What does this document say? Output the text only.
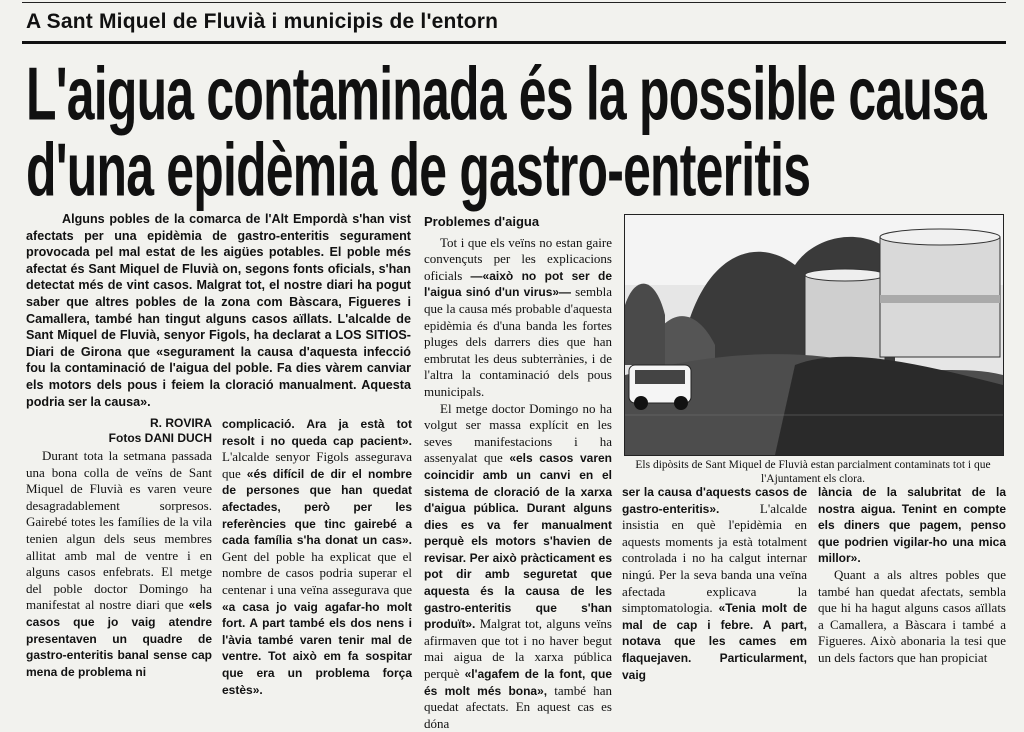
A Sant Miquel de Fluvià i municipis de l'entorn
L'aigua contaminada és la possible causa
d'una epidèmia de gastro-enteritis
Alguns pobles de la comarca de l'Alt Empordà s'han vist afectats per una epidèmia de gastro-enteritis segurament provocada pel mal estat de les aigües potables. El poble més afectat és Sant Miquel de Fluvià on, segons fonts oficials, s'han detectat més de vint casos. Malgrat tot, el nostre diari ha pogut saber que altres pobles de la zona com Bàscara, Figueres i Camallera, també han tingut alguns casos aïllats. L'alcalde de Sant Miquel de Fluvià, senyor Figols, ha declarat a LOS SITIOS-Diari de Girona que «segurament la causa d'aquesta infecció fou la contaminació de l'aigua del poble. Fa dies vàrem canviar els motors dels pous i feiem la cloració manualment. Aquesta podria ser la causa».
R. ROVIRA
Fotos DANI DUCH

Durant tota la setmana passada una bona colla de veïns de Sant Miquel de Fluvià es varen veure desagradablement sorpresos. Gairebé totes les famílies de la vila tenien algun dels seus membres allitat amb mal de ventre i en alguns casos enfebrats. El metge del poble doctor Domingo ha manifestat al nostre diari que «els casos que jo vaig atendre presentaven un quadre de gastro-enteritis banal sense cap mena de problema ni

complicació. Ara ja està tot resolt i no queda cap pacient». L'alcalde senyor Figols assegurava que «és difícil de dir el nombre de persones que han quedat afectades, però per les referències que tinc gairebé a cada família s'ha donat un cas». Gent del poble ha explicat que el nombre de casos podria superar el centenar i una veïna assegurava que «a casa jo vaig agafar-ho molt fort. A part també els dos nens i l'àvia també varen tenir mal de ventre. Tot això em fa sospitar que era un problema força estès».

Problemes d'aigua

Tot i que els veïns no estan gaire convençuts per les explicacions oficials —«això no pot ser de l'aigua sinó d'un virus»— sembla que la causa més probable d'aquesta epidèmia és d'una banda les fortes pluges dels darrers dies que han embrutat les deus subterrànies, i de l'altra la contaminació dels pous municipals.

El metge doctor Domingo no ha volgut ser massa explícit en les seves manifestacions i ha assenyalat que «els casos varen coincidir amb un canvi en el sistema de cloració de la xarxa d'aigua pública. Durant alguns dies es va fer manualment perquè els motors s'havien de revisar. Per això pràcticament es pot dir amb seguretat que aquesta és la causa de les gastro-enteritis que s'han produït». Malgrat tot, alguns veïns afirmaven que tot i no haver begut mai aigua de la xarxa pública perquè «l'agafem de la font, que és molt més bona», també han quedat afectats. En aquest cas es dóna

Els dipòsits de Sant Miquel de Fluvià estan parcialment contaminats tot i que l'Ajuntament els clora.

ser la causa d'aquests casos de gastro-enteritis». L'alcalde insistia en què l'epidèmia en aquests moments ja està totalment controlada i no ha calgut internar ningú. Per la seva banda una veïna afectada explicava la simptomatologia. «Tenia molt de mal de cap i febre. A part, notava que les cames em flaquejaven. Particularment, vaig

lància de la salubritat de la nostra aigua. Tenint en compte els diners que pagem, penso que podrien vigilar-ho una mica millor».

Quant a als altres pobles que també han quedat afectats, sembla que hi ha hagut alguns casos aïllats a Camallera, a Bàscara i també a Figueres. Això abonaria la tesi que un dels factors que han propiciat
